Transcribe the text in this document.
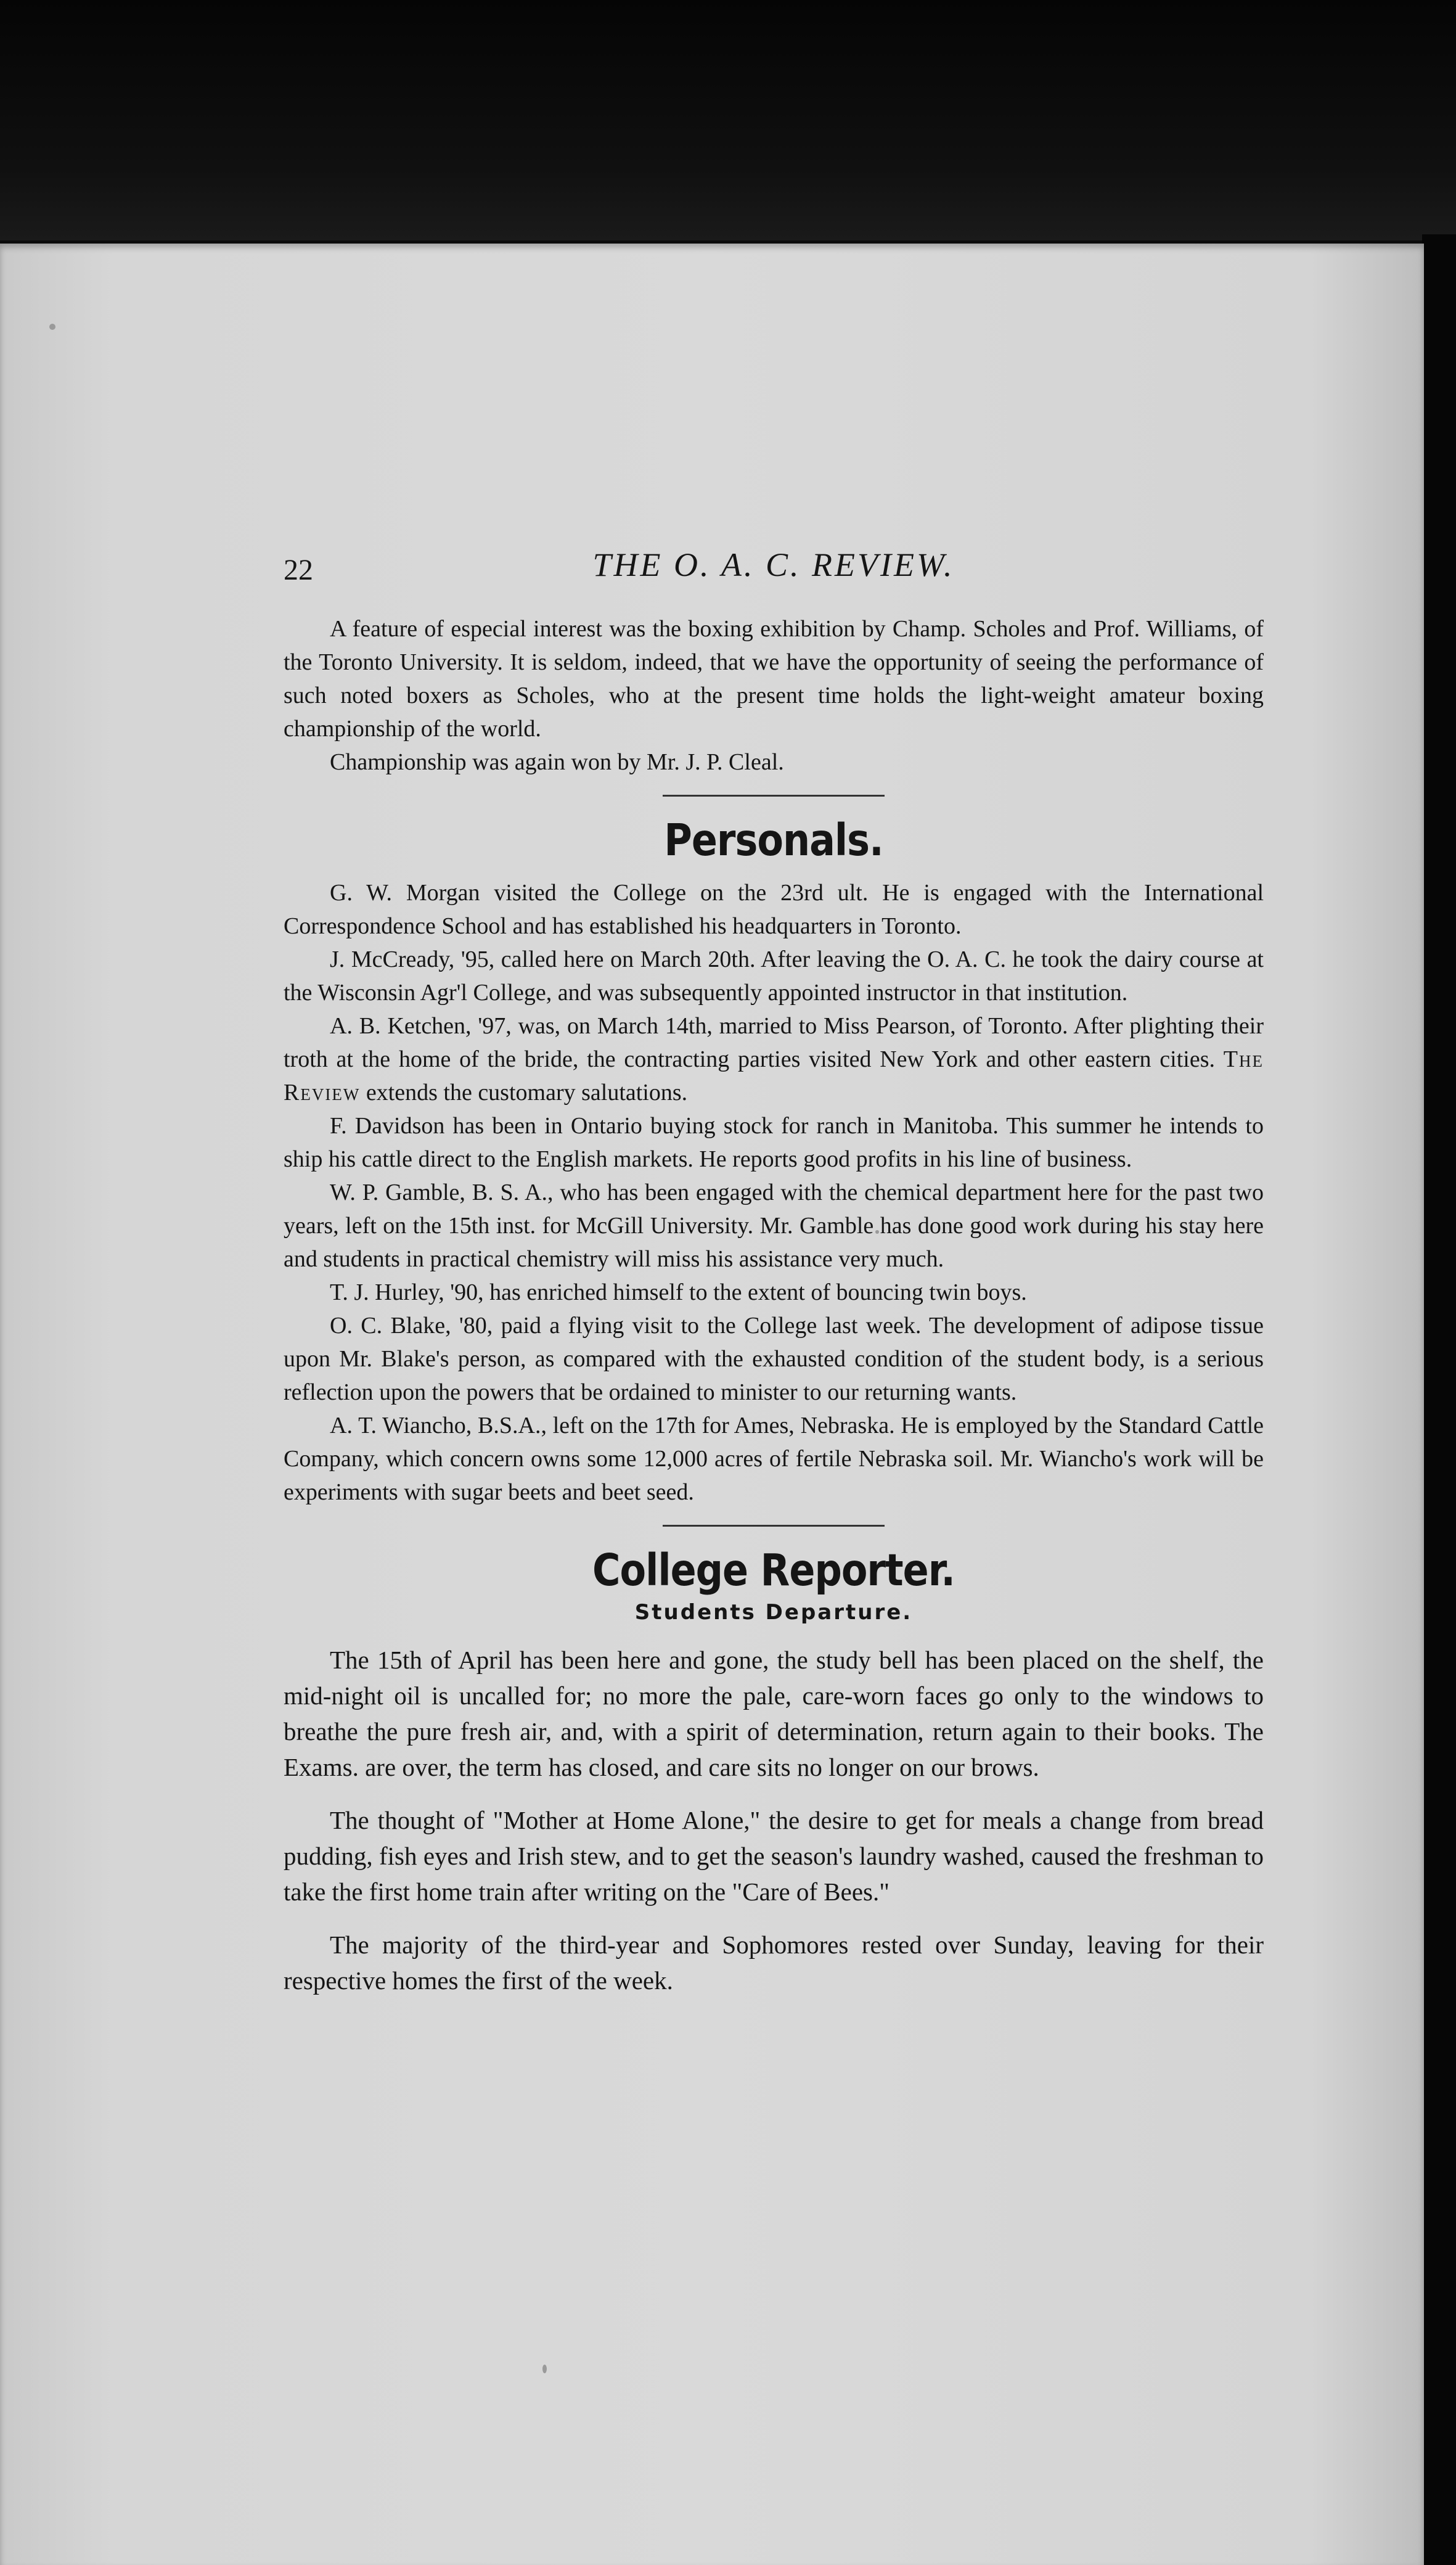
22	THE O. A. C. REVIEW.

A feature of especial interest was the boxing exhibition by Champ. Scholes and Prof. Williams, of the Toronto University. It is seldom, indeed, that we have the opportunity of seeing the performance of such noted boxers as Scholes, who at the present time holds the light-weight amateur boxing championship of the world.

Championship was again won by Mr. J. P. Cleal.

Personals.

G. W. Morgan visited the College on the 23rd ult. He is engaged with the International Correspondence School and has established his headquarters in Toronto.

J. McCready, '95, called here on March 20th. After leaving the O. A. C. he took the dairy course at the Wisconsin Agr'l College, and was subsequently appointed instructor in that institution.

A. B. Ketchen, '97, was, on March 14th, married to Miss Pearson, of Toronto. After plighting their troth at the home of the bride, the contracting parties visited New York and other eastern cities. The Review extends the customary salutations.

F. Davidson has been in Ontario buying stock for ranch in Manitoba. This summer he intends to ship his cattle direct to the English markets. He reports good profits in his line of business.

W. P. Gamble, B. S. A., who has been engaged with the chemical department here for the past two years, left on the 15th inst. for McGill University. Mr. Gamble has done good work during his stay here and students in practical chemistry will miss his assistance very much.

T. J. Hurley, '90, has enriched himself to the extent of bouncing twin boys.

O. C. Blake, '80, paid a flying visit to the College last week. The development of adipose tissue upon Mr. Blake's person, as compared with the exhausted condition of the student body, is a serious reflection upon the powers that be ordained to minister to our returning wants.

A. T. Wiancho, B.S.A., left on the 17th for Ames, Nebraska. He is employed by the Standard Cattle Company, which concern owns some 12,000 acres of fertile Nebraska soil. Mr. Wiancho's work will be experiments with sugar beets and beet seed.

College Reporter.
Students Departure.

The 15th of April has been here and gone, the study bell has been placed on the shelf, the mid-night oil is uncalled for; no more the pale, care-worn faces go only to the windows to breathe the pure fresh air, and, with a spirit of determination, return again to their books. The Exams. are over, the term has closed, and care sits no longer on our brows.

The thought of "Mother at Home Alone," the desire to get for meals a change from bread pudding, fish eyes and Irish stew, and to get the season's laundry washed, caused the freshman to take the first home train after writing on the "Care of Bees."

The majority of the third-year and Sophomores rested over Sunday, leaving for their respective homes the first of the week.
